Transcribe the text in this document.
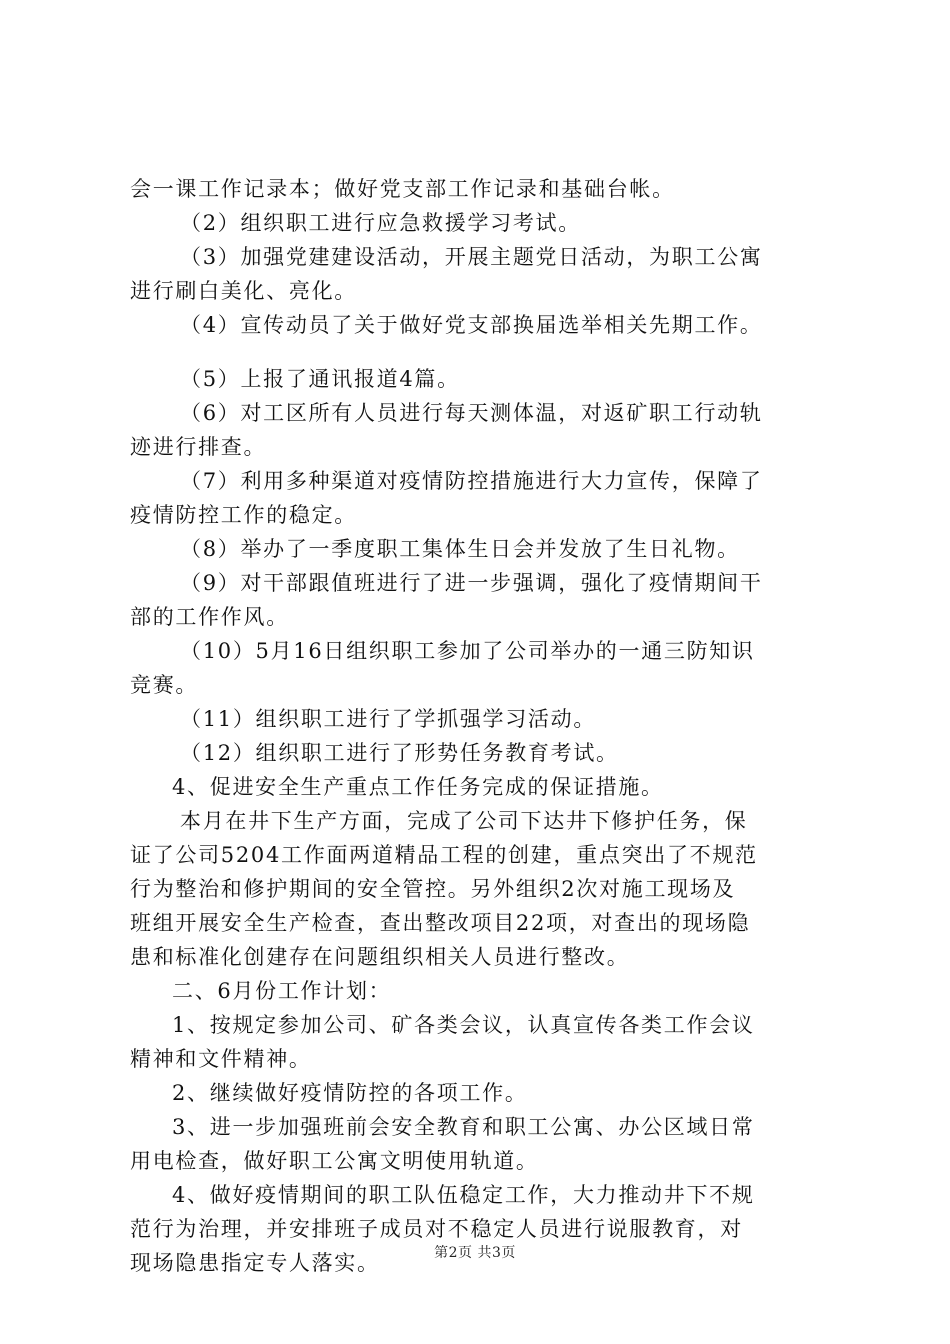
会一课工作记录本；做好党支部工作记录和基础台帐。
（2）组织职工进行应急救援学习考试。
（3）加强党建建设活动，开展主题党日活动，为职工公寓
进行刷白美化、亮化。
（4）宣传动员了关于做好党支部换届选举相关先期工作。
（5）上报了通讯报道4篇。
（6）对工区所有人员进行每天测体温，对返矿职工行动轨
迹进行排查。
（7）利用多种渠道对疫情防控措施进行大力宣传，保障了
疫情防控工作的稳定。
（8）举办了一季度职工集体生日会并发放了生日礼物。
（9）对干部跟值班进行了进一步强调，强化了疫情期间干
部的工作作风。
（10）5月16日组织职工参加了公司举办的一通三防知识
竞赛。
（11）组织职工进行了学抓强学习活动。
（12）组织职工进行了形势任务教育考试。
4、促进安全生产重点工作任务完成的保证措施。
本月在井下生产方面，完成了公司下达井下修护任务，保
证了公司5204工作面两道精品工程的创建，重点突出了不规范
行为整治和修护期间的安全管控。另外组织2次对施工现场及
班组开展安全生产检查，查出整改项目22项，对查出的现场隐
患和标准化创建存在问题组织相关人员进行整改。
二、6月份工作计划：
1、按规定参加公司、矿各类会议，认真宣传各类工作会议
精神和文件精神。
2、继续做好疫情防控的各项工作。
3、进一步加强班前会安全教育和职工公寓、办公区域日常
用电检查，做好职工公寓文明使用轨道。
4、做好疫情期间的职工队伍稳定工作，大力推动井下不规
范行为治理，并安排班子成员对不稳定人员进行说服教育，对
现场隐患指定专人落实。	第2页 共3页
